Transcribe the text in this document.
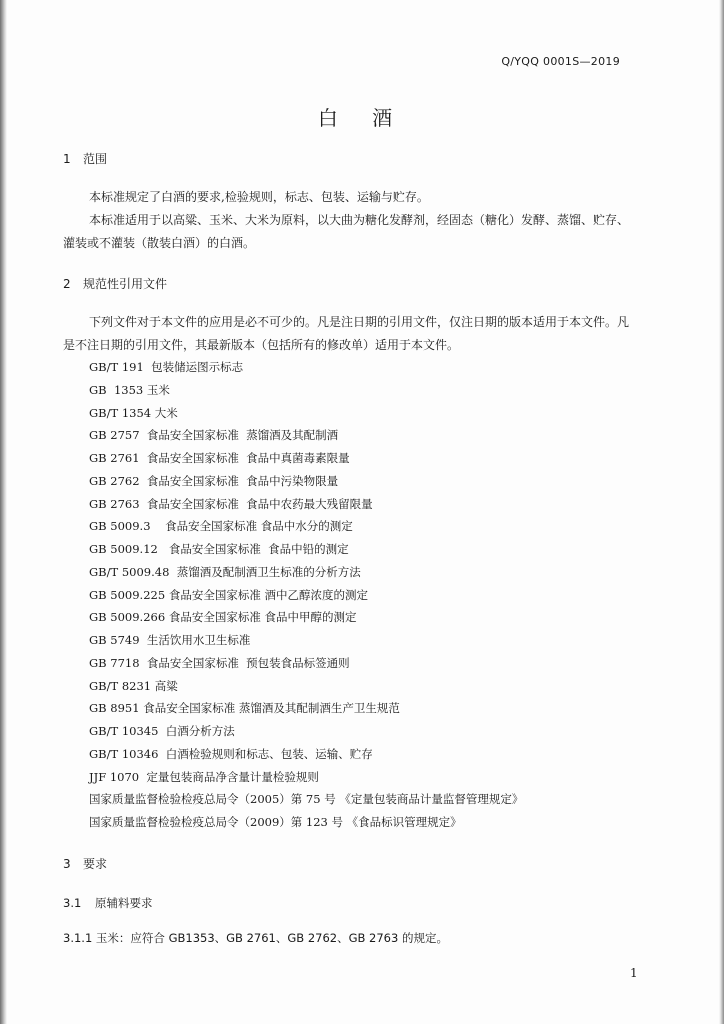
Q/YQQ 0001S—2019
白 酒
1 范围

本标准规定了白酒的要求,检验规则，标志、包装、运输与贮存。

本标准适用于以高粱、玉米、大米为原料，以大曲为糖化发酵剂，经固态（糖化）发酵、蒸馏、贮存、灌装或不灌装（散装白酒）的白酒。

2 规范性引用文件

下列文件对于本文件的应用是必不可少的。凡是注日期的引用文件，仅注日期的版本适用于本文件。凡是不注日期的引用文件，其最新版本（包括所有的修改单）适用于本文件。

GB/T 191  包装储运图示标志
GB  1353 玉米
GB/T 1354 大米
GB 2757  食品安全国家标准  蒸馏酒及其配制酒
GB 2761  食品安全国家标准  食品中真菌毒素限量
GB 2762  食品安全国家标准  食品中污染物限量
GB 2763  食品安全国家标准  食品中农药最大残留限量
GB 5009.3    食品安全国家标准 食品中水分的测定
GB 5009.12   食品安全国家标准  食品中铅的测定
GB/T 5009.48  蒸馏酒及配制酒卫生标准的分析方法
GB 5009.225 食品安全国家标准 酒中乙醇浓度的测定
GB 5009.266 食品安全国家标准 食品中甲醇的测定
GB 5749  生活饮用水卫生标准
GB 7718  食品安全国家标准  预包装食品标签通则
GB/T 8231 高粱
GB 8951 食品安全国家标准 蒸馏酒及其配制酒生产卫生规范
GB/T 10345  白酒分析方法
GB/T 10346  白酒检验规则和标志、包装、运输、贮存
JJF 1070  定量包装商品净含量计量检验规则
国家质量监督检验检疫总局令（2005）第 75 号 《定量包装商品计量监督管理规定》
国家质量监督检验检疫总局令（2009）第 123 号 《食品标识管理规定》
3 要求
3.1 原辅料要求
3.1.1 玉米：应符合 GB1353、GB 2761、GB 2762、GB 2763 的规定。
1
